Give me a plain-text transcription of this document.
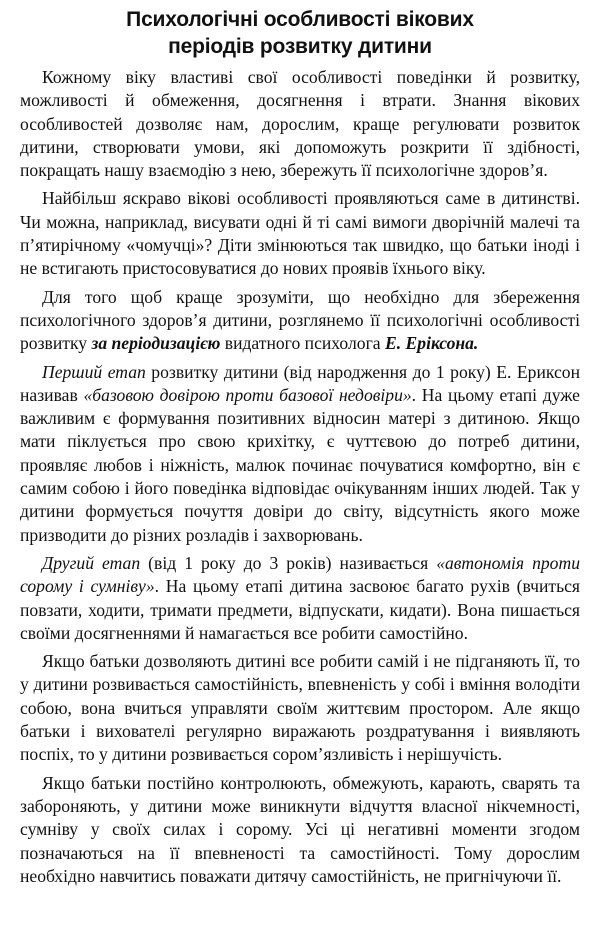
Психологічні особливості вікових
періодів розвитку дитини

Кожному віку властиві свої особливості поведінки й розвитку, можливості й обмеження, досягнення і втрати. Знання вікових особливостей дозволяє нам, дорослим, краще регулювати розвиток дитини, створювати умови, які допоможуть розкрити її здібності, покращать нашу взаємодію з нею, збережуть її психологічне здоров’я.

Найбільш яскраво вікові особливості проявляються саме в дитинстві. Чи можна, наприклад, висувати одні й ті самі вимоги дворічній малечі та п’ятирічному «чомучці»? Діти змінюються так швидко, що батьки іноді і не встигають пристосовуватися до нових проявів їхнього віку.

Для того щоб краще зрозуміти, що необхідно для збереження психологічного здоров’я дитини, розглянемо її психологічні особливості розвитку за періодизацією видатного психолога Е. Еріксона.

Перший етап розвитку дитини (від народження до 1 року) Е. Ериксон називав «базовою довірою проти базової недовіри». На цьому етапі дуже важливим є формування позитивних відносин матері з дитиною. Якщо мати піклується про свою крихітку, є чуттєвою до потреб дитини, проявляє любов і ніжність, малюк починає почуватися комфортно, він є самим собою і його поведінка відповідає очікуванням інших людей. Так у дитини формується почуття довіри до світу, відсутність якого може призводити до різних розладів і захворювань.

Другий етап (від 1 року до 3 років) називається «автономія проти сорому і сумніву». На цьому етапі дитина засвоює багато рухів (вчиться повзати, ходити, тримати предмети, відпускати, кидати). Вона пишається своїми досягненнями й намагається все робити самостійно.

Якщо батьки дозволяють дитині все робити самій і не підганяють її, то у дитини розвивається самостійність, впевненість у собі і вміння володіти собою, вона вчиться управляти своїм життєвим простором. Але якщо батьки і вихователі регулярно виражають роздратування і виявляють поспіх, то у дитини розвивається сором’язливість і нерішучість.

Якщо батьки постійно контролюють, обмежують, карають, сварять та забороняють, у дитини може виникнути відчуття власної нікчемності, сумніву у своїх силах і сорому. Усі ці негативні моменти згодом позначаються на її впевненості та самостійності. Тому дорослим необхідно навчитись поважати дитячу самостійність, не пригнічуючи її.
